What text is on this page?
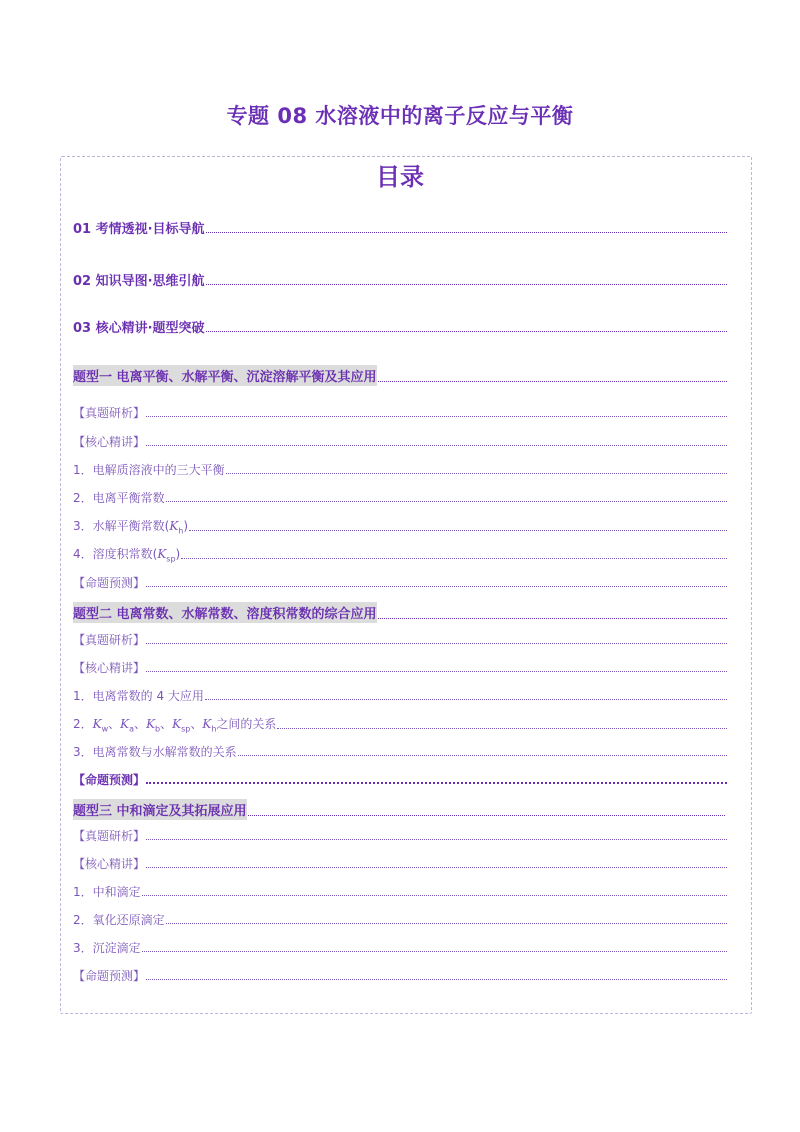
专题 08 水溶液中的离子反应与平衡
目录
01 考情透视·目标导航
02 知识导图·思维引航
03 核心精讲·题型突破
题型一 电离平衡、水解平衡、沉淀溶解平衡及其应用
【真题研析】
【核心精讲】
1．电解质溶液中的三大平衡
2．电离平衡常数
3．水解平衡常数$(K_h)$
4．溶度积常数$(K_{sp})$
【命题预测】
题型二 电离常数、水解常数、溶度积常数的综合应用
【真题研析】
【核心精讲】
1．电离常数的 4 大应用
2．$K_w$、$K_a$、$K_b$、$K_{sp}$、$K_h$之间的关系
3．电离常数与水解常数的关系
【命题预测】
题型三 中和滴定及其拓展应用
【真题研析】
【核心精讲】
1．中和滴定
2．氧化还原滴定
3．沉淀滴定
【命题预测】
